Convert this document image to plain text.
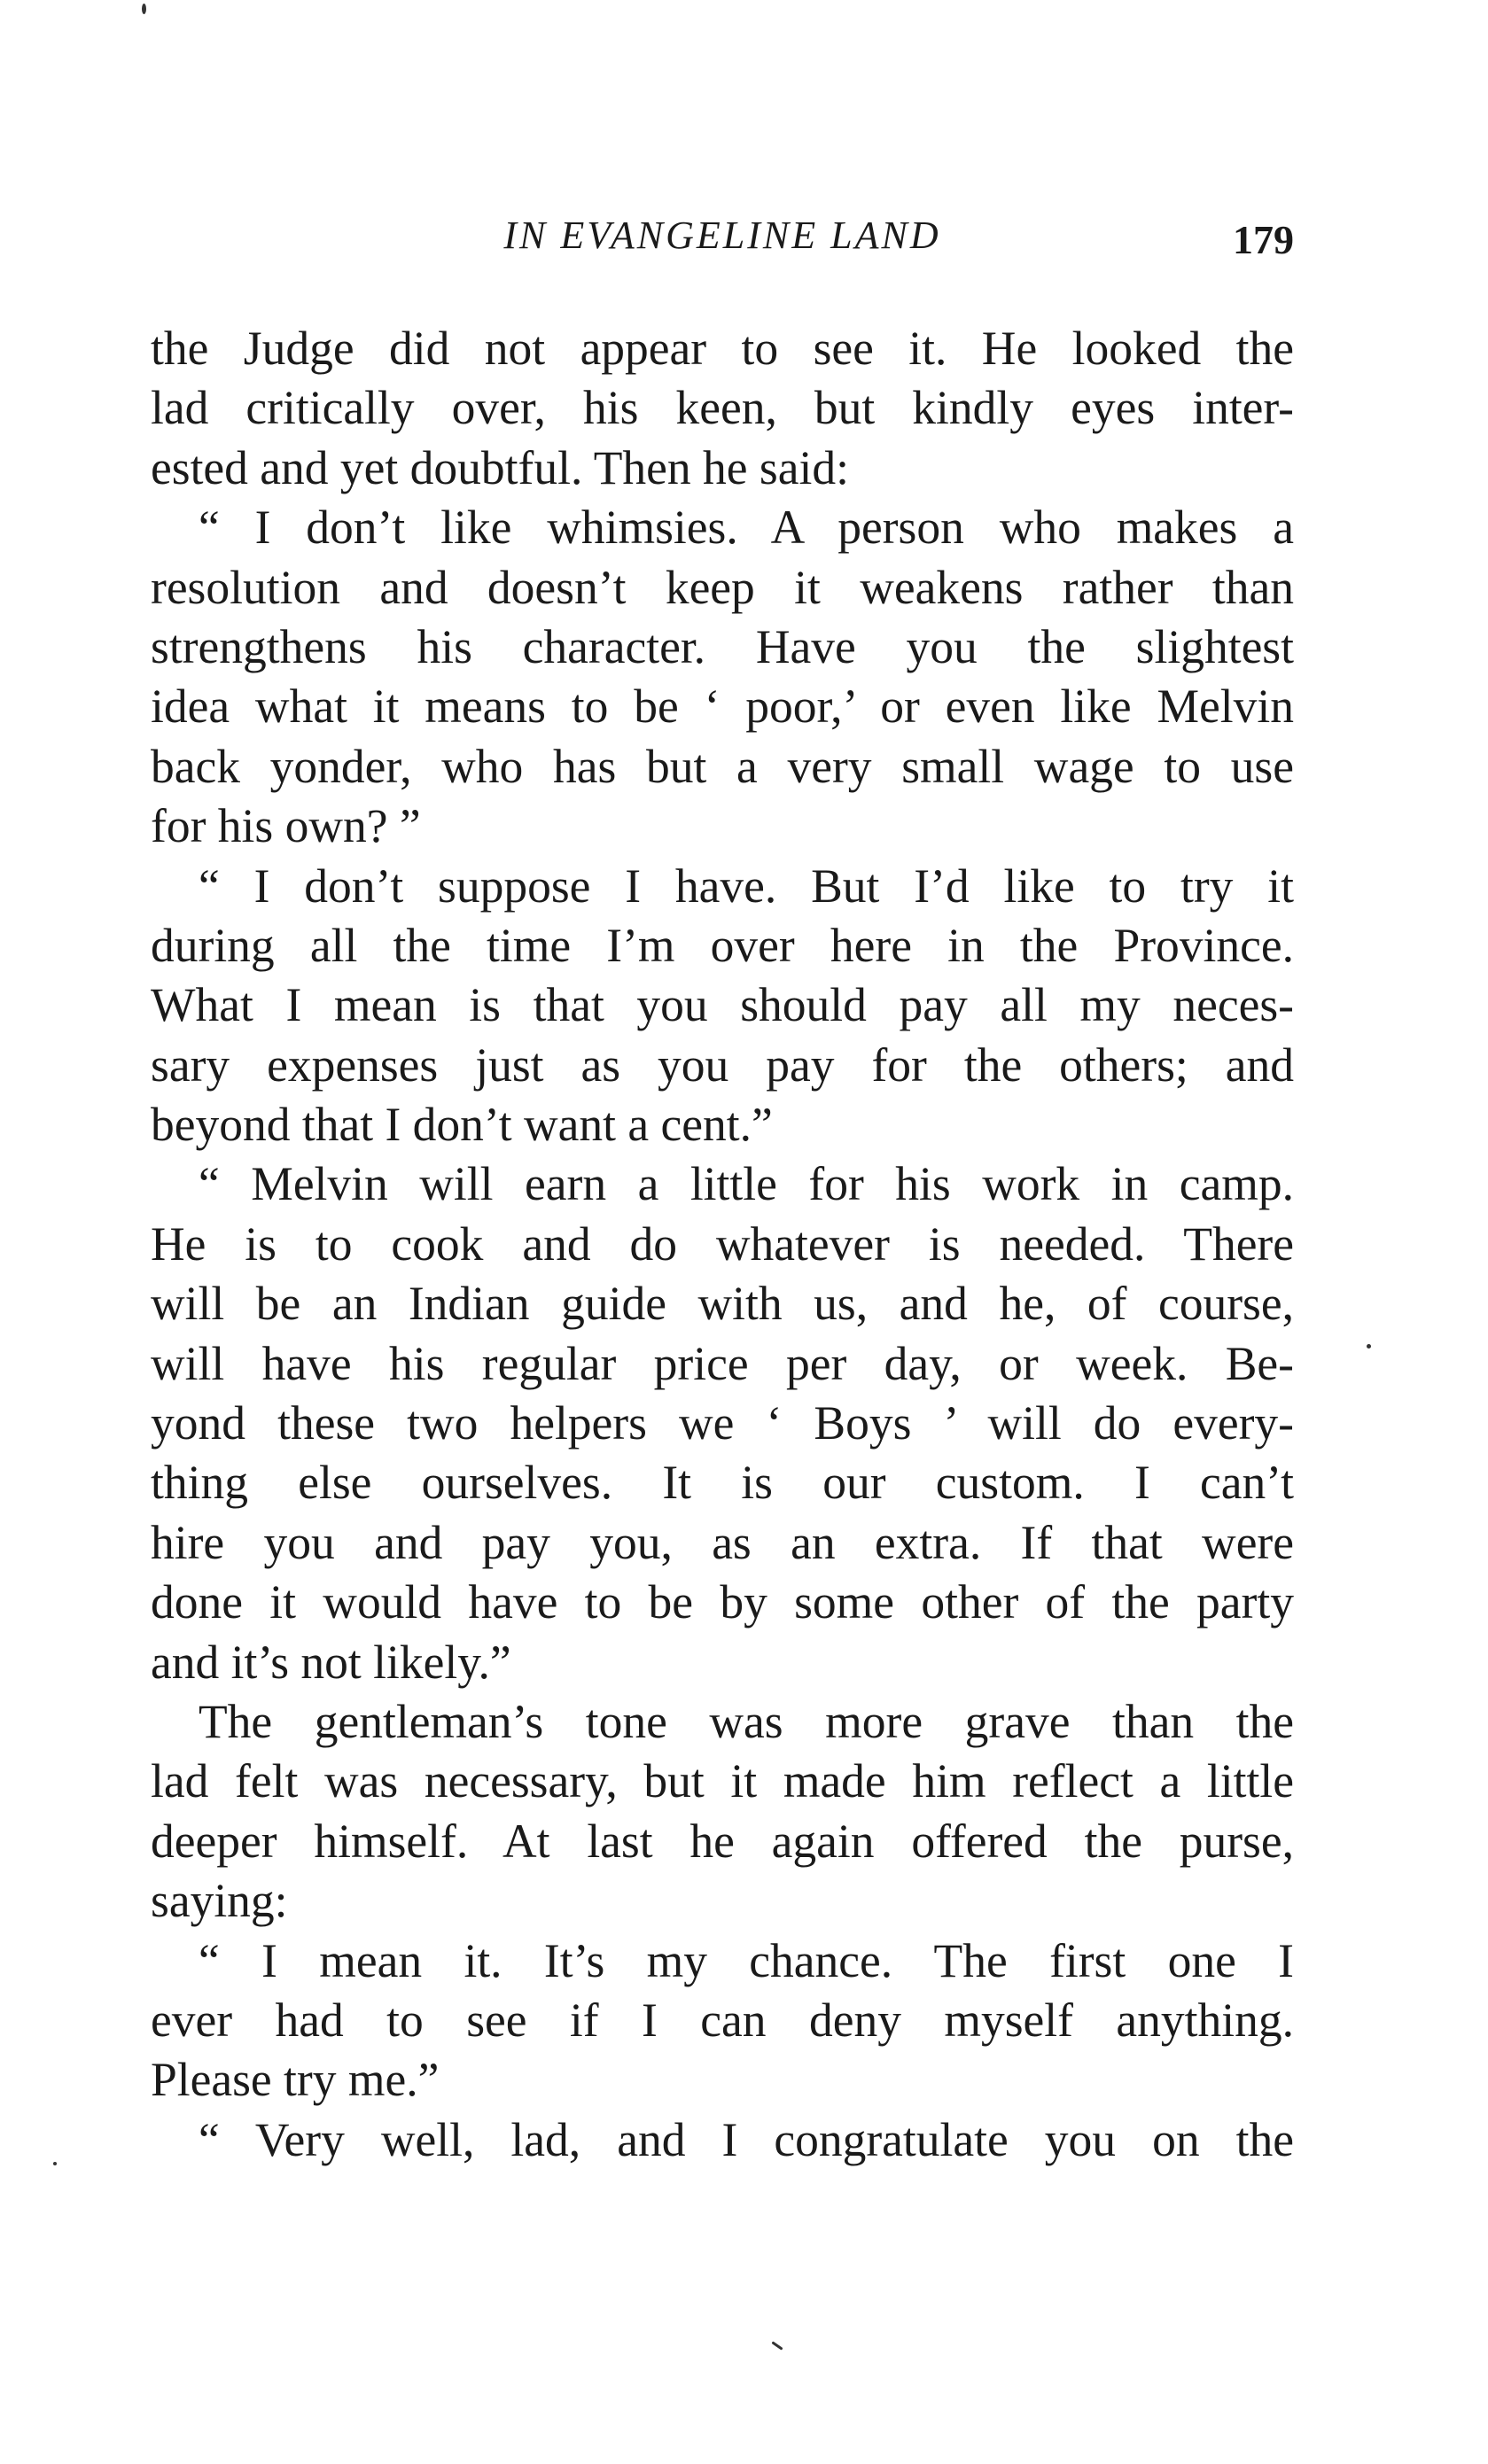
IN EVANGELINE LAND	179
the Judge did not appear to see it. He looked the
lad critically over, his keen, but kindly eyes inter-
ested and yet doubtful. Then he said:
“ I don’t like whimsies. A person who makes a
resolution and doesn’t keep it weakens rather than
strengthens his character. Have you the slightest
idea what it means to be ‘ poor,’ or even like Melvin
back yonder, who has but a very small wage to use
for his own? ”
“ I don’t suppose I have. But I’d like to try it
during all the time I’m over here in the Province.
What I mean is that you should pay all my neces-
sary expenses just as you pay for the others; and
beyond that I don’t want a cent.”
“ Melvin will earn a little for his work in camp.
He is to cook and do whatever is needed. There
will be an Indian guide with us, and he, of course,
will have his regular price per day, or week. Be-
yond these two helpers we ‘ Boys ’ will do every-
thing else ourselves. It is our custom. I can’t
hire you and pay you, as an extra. If that were
done it would have to be by some other of the party
and it’s not likely.”
The gentleman’s tone was more grave than the
lad felt was necessary, but it made him reflect a little
deeper himself. At last he again offered the purse,
saying:
“ I mean it. It’s my chance. The first one I
ever had to see if I can deny myself anything.
Please try me.”
“ Very well, lad, and I congratulate you on the
